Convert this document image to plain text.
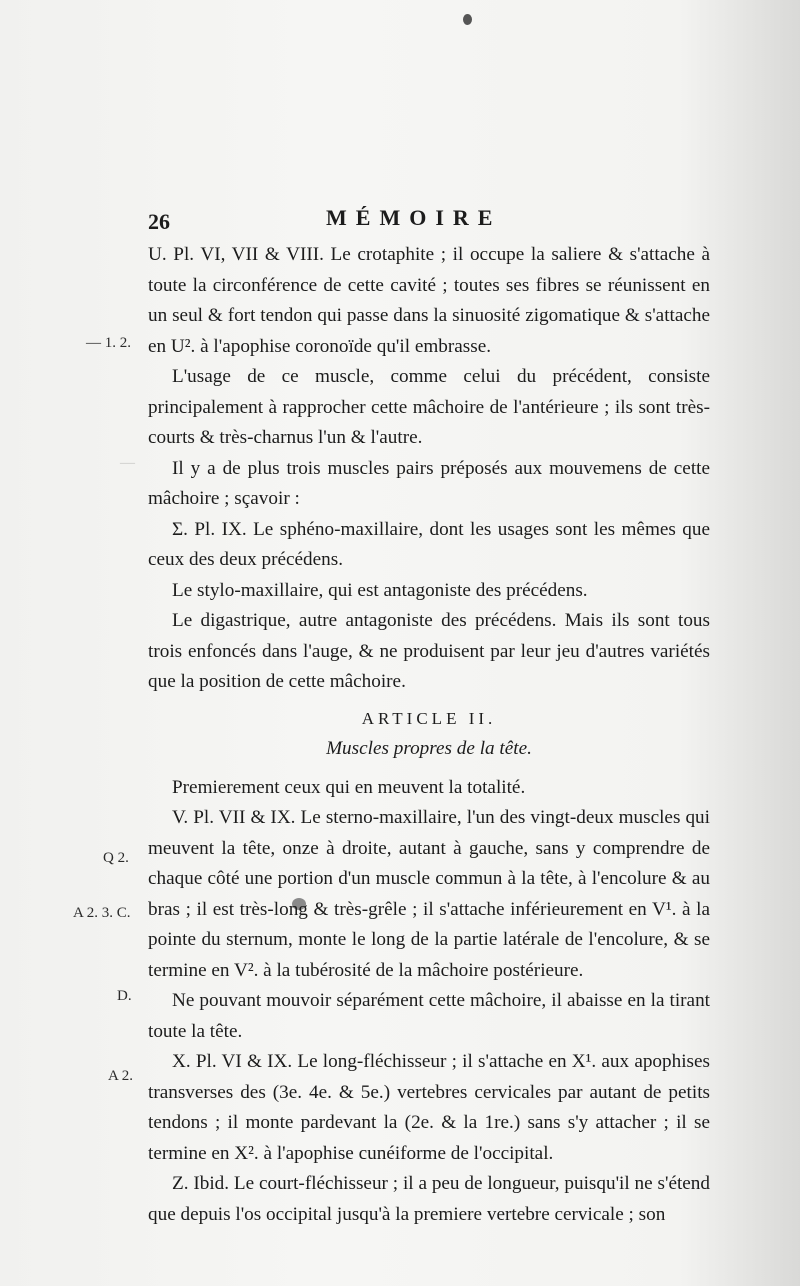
—
26	MÉMOIRE

U. Pl. VI, VII & VIII. Le crotaphite ; il occupe la saliere & s'attache à toute la circonférence de cette cavité ; toutes ses fibres se réunissent en un seul & fort tendon qui passe dans la sinuosité zigomatique & s'attache en U². à l'apophise coronoïde qu'il embrasse.

L'usage de ce muscle, comme celui du précédent, consiste principalement à rapprocher cette mâchoire de l'antérieure ; ils sont très-courts & très-charnus l'un & l'autre.

Il y a de plus trois muscles pairs préposés aux mouvemens de cette mâchoire ; sçavoir :

Σ. Pl. IX. Le sphéno-maxillaire, dont les usages sont les mêmes que ceux des deux précédens.

Le stylo-maxillaire, qui est antagoniste des précédens.

Le digastrique, autre antagoniste des précédens. Mais ils sont tous trois enfoncés dans l'auge, & ne produisent par leur jeu d'autres variétés que la position de cette mâchoire.

ARTICLE II.

Muscles propres de la tête.

Premierement ceux qui en meuvent la totalité.

V. Pl. VII & IX. Le sterno-maxillaire, l'un des vingt-deux muscles qui meuvent la tête, onze à droite, autant à gauche, sans y comprendre de chaque côté une portion d'un muscle commun à la tête, à l'encolure & au bras ; il est très-long & très-grêle ; il s'attache inférieurement en V¹. à la pointe du sternum, monte le long de la partie latérale de l'encolure, & se termine en V². à la tubérosité de la mâchoire postérieure.

Ne pouvant mouvoir séparément cette mâchoire, il abaisse en la tirant toute la tête.

X. Pl. VI & IX. Le long-fléchisseur ; il s'attache en X¹. aux apophises transverses des (3e. 4e. & 5e.) vertebres cervicales par autant de petits tendons ; il monte pardevant la (2e. & la 1re.) sans s'y attacher ; il se termine en X². à l'apophise cunéiforme de l'occipital.

Z. Ibid. Le court-fléchisseur ; il a peu de longueur, puisqu'il ne s'étend que depuis l'os occipital jusqu'à la premiere vertebre cervicale ; son

— 1. 2.
Q 2.
A 2. 3. C.
D.
A 2.
